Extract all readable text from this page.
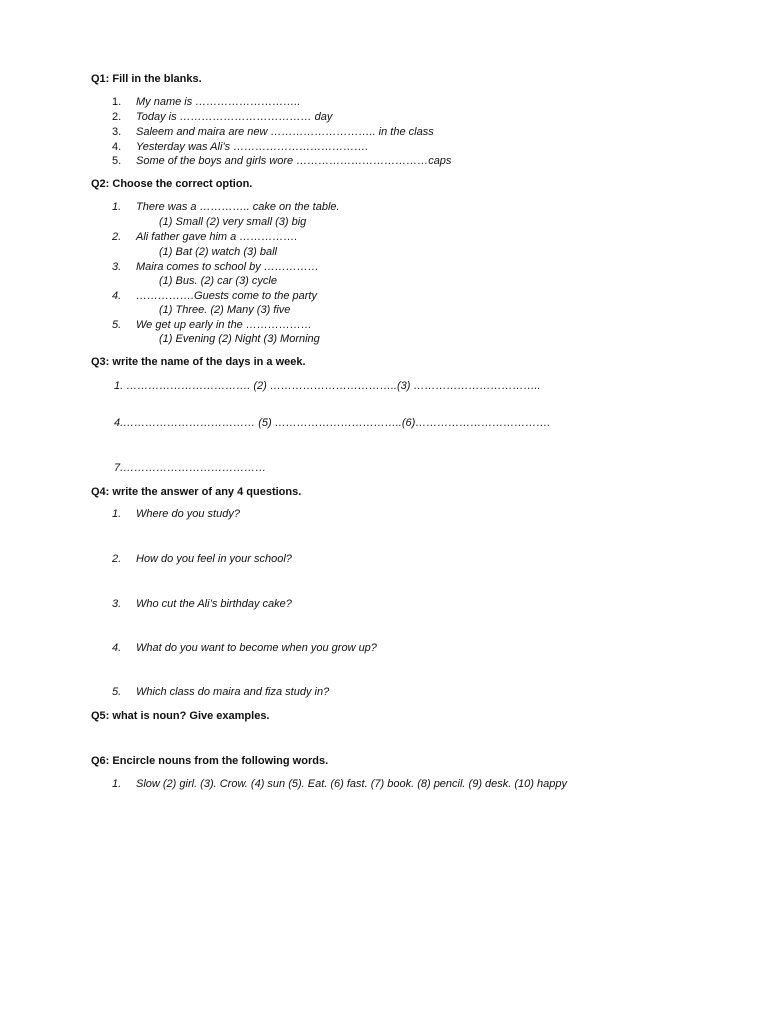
Q1: Fill in the blanks.
1. My name is ………………………..
2. Today is ……………………………… day
3. Saleem and maira are new ……………………….. in the class
4. Yesterday was Ali’s ……………………………….
5. Some of the boys and girls wore ………………………………caps
Q2: Choose the correct option.
1. There was a ………….. cake on the table.
(1) Small (2) very small (3) big
2. Ali father gave him a …………….
(1) Bat (2) watch (3) ball
3. Maira comes to school by ……………
(1) Bus. (2) car (3) cycle
4. …………….Guests come to the party
(1) Three. (2) Many (3) five
5. We get up early in the ………………
(1) Evening (2) Night (3) Morning
Q3: write the name of the days in a week.
1. ……………………………. (2) ……………………………..(3) ……………………………..
4.……………………………… (5) ……………………………..(6)……………………………….
7.…………………………………
Q4: write the answer of any 4 questions.
1. Where do you study?
2. How do you feel in your school?
3. Who cut the Ali’s birthday cake?
4. What do you want to become when you grow up?
5. Which class do maira and fiza study in?
Q5: what is noun? Give examples.
Q6: Encircle nouns from the following words.
1. Slow (2) girl. (3). Crow. (4) sun (5). Eat. (6) fast. (7) book. (8) pencil. (9) desk. (10) happy
